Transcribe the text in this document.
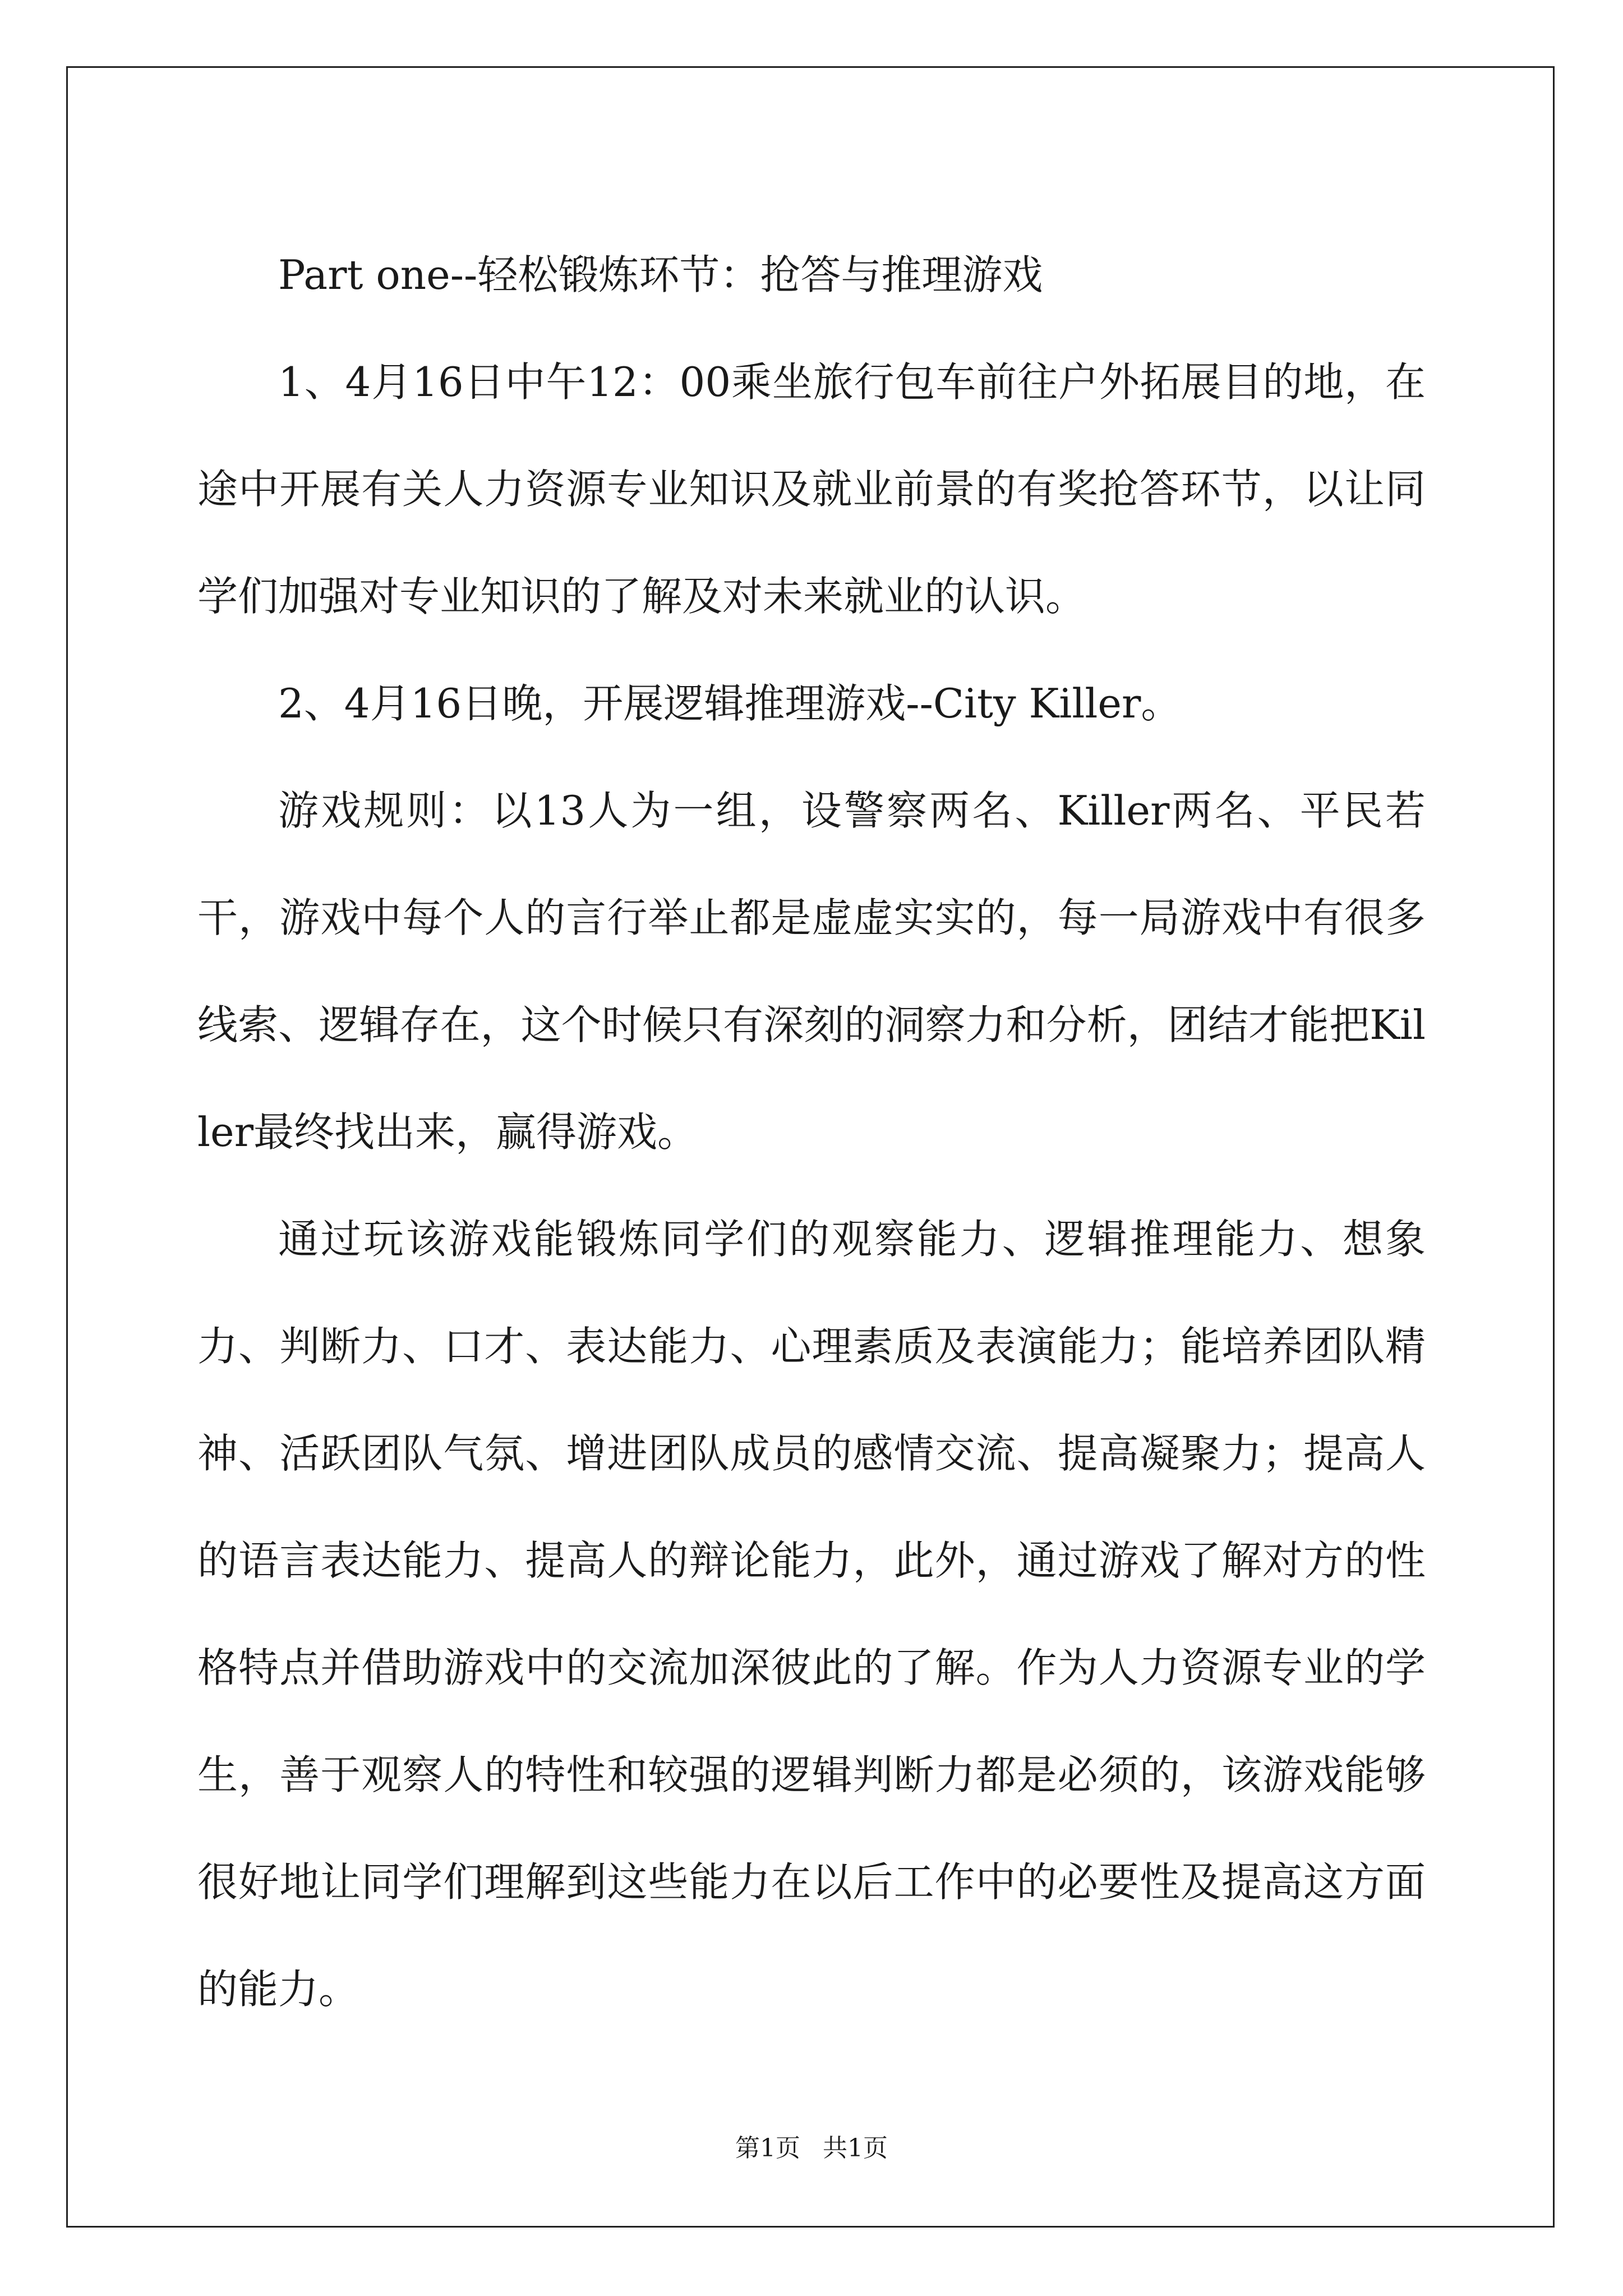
Part one--轻松锻炼环节：抢答与推理游戏

1、4月16日中午12：00乘坐旅行包车前往户外拓展目的地，在途中开展有关人力资源专业知识及就业前景的有奖抢答环节，以让同学们加强对专业知识的了解及对未来就业的认识。

2、4月16日晚，开展逻辑推理游戏--City Killer。

游戏规则：以13人为一组，设警察两名、Killer两名、平民若干，游戏中每个人的言行举止都是虚虚实实的，每一局游戏中有很多线索、逻辑存在，这个时候只有深刻的洞察力和分析，团结才能把Killer最终找出来，赢得游戏。

通过玩该游戏能锻炼同学们的观察能力、逻辑推理能力、想象力、判断力、口才、表达能力、心理素质及表演能力；能培养团队精神、活跃团队气氛、增进团队成员的感情交流、提高凝聚力；提高人的语言表达能力、提高人的辩论能力，此外，通过游戏了解对方的性格特点并借助游戏中的交流加深彼此的了解。作为人力资源专业的学生，善于观察人的特性和较强的逻辑判断力都是必须的，该游戏能够很好地让同学们理解到这些能力在以后工作中的必要性及提高这方面的能力。

第1页 共1页
